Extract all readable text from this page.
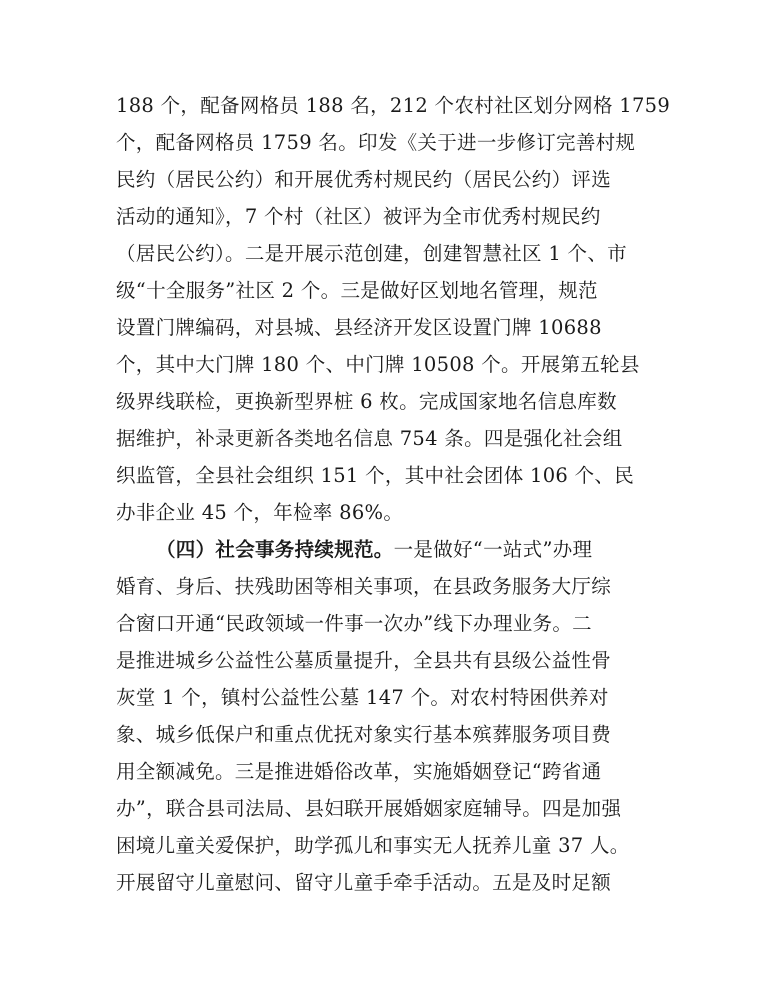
188 个，配备网格员 188 名，212 个农村社区划分网格 1759
个，配备网格员 1759 名。印发《关于进一步修订完善村规
民约（居民公约）和开展优秀村规民约（居民公约）评选
活动的通知》，7 个村（社区）被评为全市优秀村规民约
（居民公约）。二是开展示范创建，创建智慧社区 1 个、市
级“十全服务”社区 2 个。三是做好区划地名管理，规范
设置门牌编码，对县城、县经济开发区设置门牌 10688
个，其中大门牌 180 个、中门牌 10508 个。开展第五轮县
级界线联检，更换新型界桩 6 枚。完成国家地名信息库数
据维护，补录更新各类地名信息 754 条。四是强化社会组
织监管，全县社会组织 151 个，其中社会团体 106 个、民
办非企业 45 个，年检率 86%。
（四）社会事务持续规范。一是做好“一站式”办理
婚育、身后、扶残助困等相关事项，在县政务服务大厅综
合窗口开通“民政领域一件事一次办”线下办理业务。二
是推进城乡公益性公墓质量提升，全县共有县级公益性骨
灰堂 1 个，镇村公益性公墓 147 个。对农村特困供养对
象、城乡低保户和重点优抚对象实行基本殡葬服务项目费
用全额减免。三是推进婚俗改革，实施婚姻登记“跨省通
办”，联合县司法局、县妇联开展婚姻家庭辅导。四是加强
困境儿童关爱保护，助学孤儿和事实无人抚养儿童 37 人。
开展留守儿童慰问、留守儿童手牵手活动。五是及时足额
